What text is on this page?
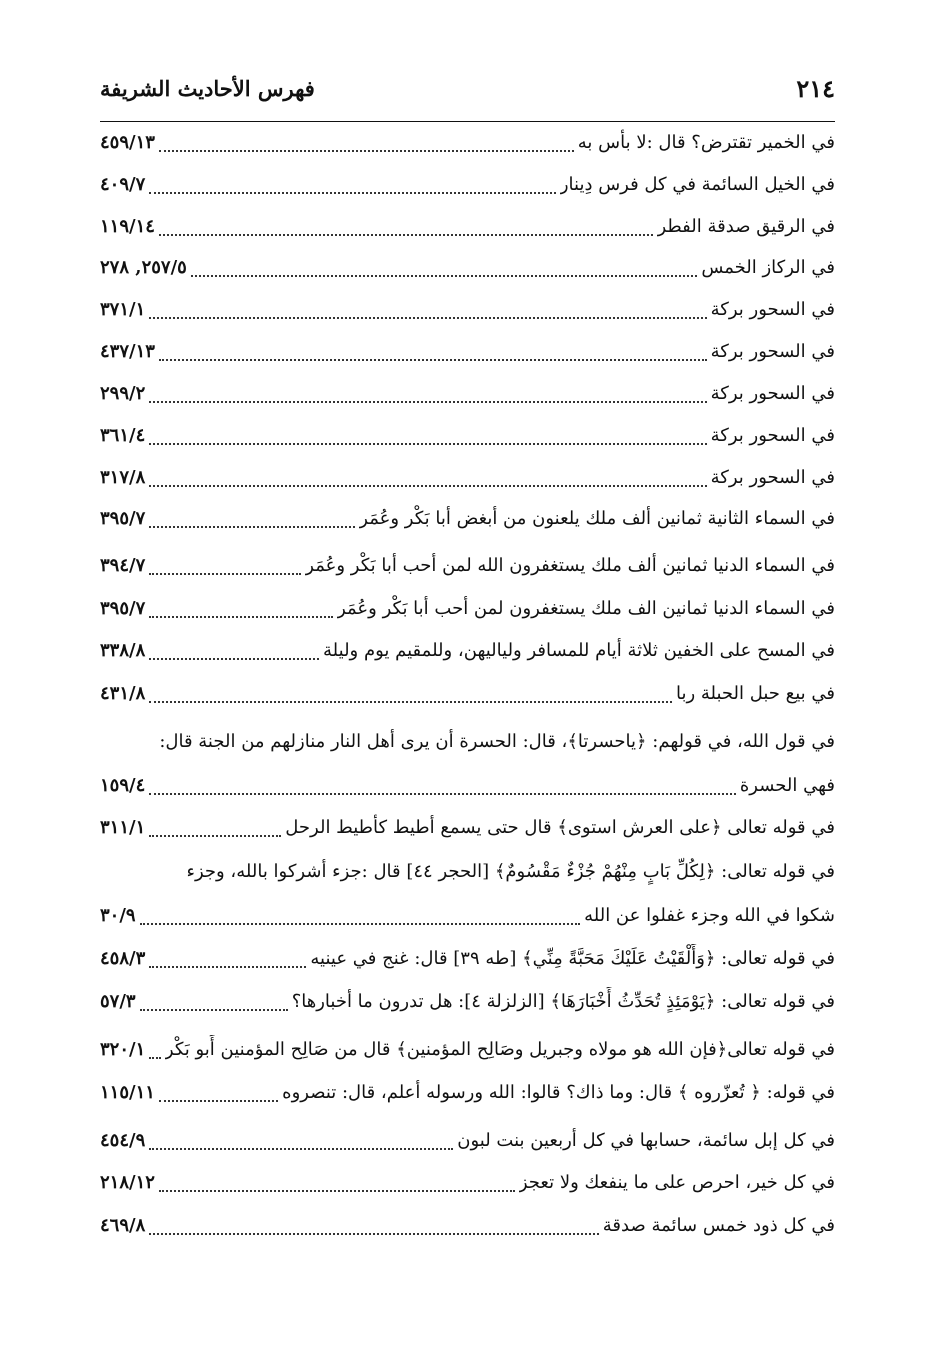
٢١٤
فهرس الأحاديث الشريفة
في الخمير تقترض؟ قال :لا بأس به
٤٥٩/١٣
في الخيل السائمة في كل فرس دِينار
٤٠٩/٧
في الرقيق صدقة الفطر
١١٩/١٤
في الركاز الخمس
٢٥٧/٥, ٢٧٨
في السحور بركة
٣٧١/١
في السحور بركة
٤٣٧/١٣
في السحور بركة
٢٩٩/٢
في السحور بركة
٣٦١/٤
في السحور بركة
٣١٧/٨
في السماء الثانية ثمانين ألف ملك يلعنون من أبغض أبا بَكْر وعُمَر
٣٩٥/٧
في السماء الدنيا ثمانين ألف ملك يستغفرون الله لمن أحب أبا بَكْر وعُمَر
٣٩٤/٧
في السماء الدنيا ثمانين الف ملك يستغفرون لمن أحب أبا بَكْر وعُمَر
٣٩٥/٧
في المسح على الخفين ثلاثة أيام للمسافر ولياليهن، وللمقيم يوم وليلة
٣٣٨/٨
في بيع حبل الحبلة ربا
٤٣١/٨
في قول الله، في قولهم: ﴿ياحسرتا﴾، قال: الحسرة أن يرى أهل النار منازلهم من الجنة قال:
فهي الحسرة
١٥٩/٤
في قوله تعالى ﴿على العرش استوى﴾ قال حتى يسمع أطيط كأطيط الرحل
٣١١/١
في قوله تعالى: ﴿لِكُلِّ بَابٍ مِنْهُمْ جُزْءٌ مَقْسُومٌ﴾ [الحجر ٤٤] قال :جزء أشركوا بالله، وجزء
شكوا في الله وجزء غفلوا عن الله
٣٠/٩
في قوله تعالى: ﴿وَأَلْقَيْتُ عَلَيْكَ مَحَبَّةً مِنِّي﴾ [طه ٣٩] قال: غنج في عينيه
٤٥٨/٣
في قوله تعالى: ﴿يَوْمَئِذٍ تُحَدِّثُ أَخْبَارَهَا﴾ [الزلزلة ٤]: هل تدرون ما أخبارها؟
٥٧/٣
في قوله تعالى﴿فإن الله هو مولاه وجبريل وصَالِح المؤمنين﴾ قال من صَالِح المؤمنين أَبو بَكْر
٣٢٠/١
في قوله: ﴿ تُعزّروه ﴾ قال: وما ذاك؟ قالوا: الله ورسوله أعلم، قال: تنصروه
١١٥/١١
في كل إبل سائمة، حسابها في كل أربعين بنت لبون
٤٥٤/٩
في كل خير، احرص على ما ينفعك ولا تعجز
٢١٨/١٢
في كل ذود خمس سائمة صدقة
٤٦٩/٨
